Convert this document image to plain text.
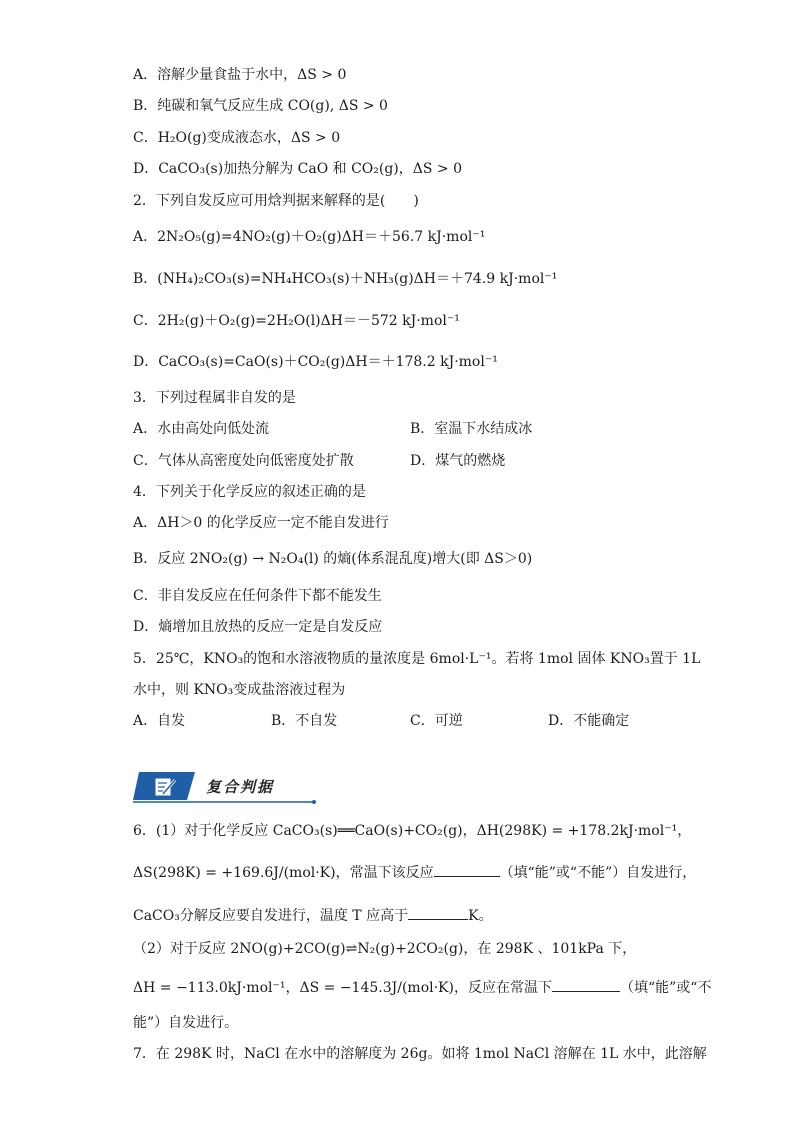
A．溶解少量食盐于水中，ΔS > 0
B．纯碳和氧气反应生成 CO(g), ΔS > 0
C．H₂O(g)变成液态水，ΔS > 0
D．CaCO₃(s)加热分解为 CaO 和 CO₂(g)，ΔS > 0
2．下列自发反应可用焓判据来解释的是(　　)
A．2N₂O₅(g)=4NO₂(g)＋O₂(g)ΔH＝＋56.7 kJ·mol⁻¹
B．(NH₄)₂CO₃(s)=NH₄HCO₃(s)＋NH₃(g)ΔH＝＋74.9 kJ·mol⁻¹
C．2H₂(g)＋O₂(g)=2H₂O(l)ΔH＝－572 kJ·mol⁻¹
D．CaCO₃(s)=CaO(s)＋CO₂(g)ΔH＝＋178.2 kJ·mol⁻¹
3．下列过程属非自发的是
A．水由高处向低处流	B．室温下水结成冰
C．气体从高密度处向低密度处扩散	D．煤气的燃烧
4．下列关于化学反应的叙述正确的是
A．ΔH＞0 的化学反应一定不能自发进行
B．反应 2NO₂(g) → N₂O₄(l) 的熵(体系混乱度)增大(即 ΔS＞0)
C．非自发反应在任何条件下都不能发生
D．熵增加且放热的反应一定是自发反应
5．25℃，KNO₃的饱和水溶液物质的量浓度是 6mol·L⁻¹。若将 1mol 固体 KNO₃置于 1L
水中，则 KNO₃变成盐溶液过程为
A．自发	B．不自发	C．可逆	D．不能确定
复合判据
6．(1）对于化学反应 CaCO₃(s)══CaO(s)+CO₂(g)，ΔH(298K) = +178.2kJ·mol⁻¹，
ΔS(298K) = +169.6J/(mol·K)，常温下该反应	（填“能”或“不能”）自发进行，
CaCO₃分解反应要自发进行，温度 T 应高于	K。
（2）对于反应 2NO(g)+2CO(g)⇌N₂(g)+2CO₂(g)，在 298K 、101kPa 下，
ΔH = −113.0kJ·mol⁻¹，ΔS = −145.3J/(mol·K)，反应在常温下	（填“能”或“不
能”）自发进行。
7．在 298K 时，NaCl 在水中的溶解度为 26g。如将 1mol NaCl 溶解在 1L 水中，此溶解
